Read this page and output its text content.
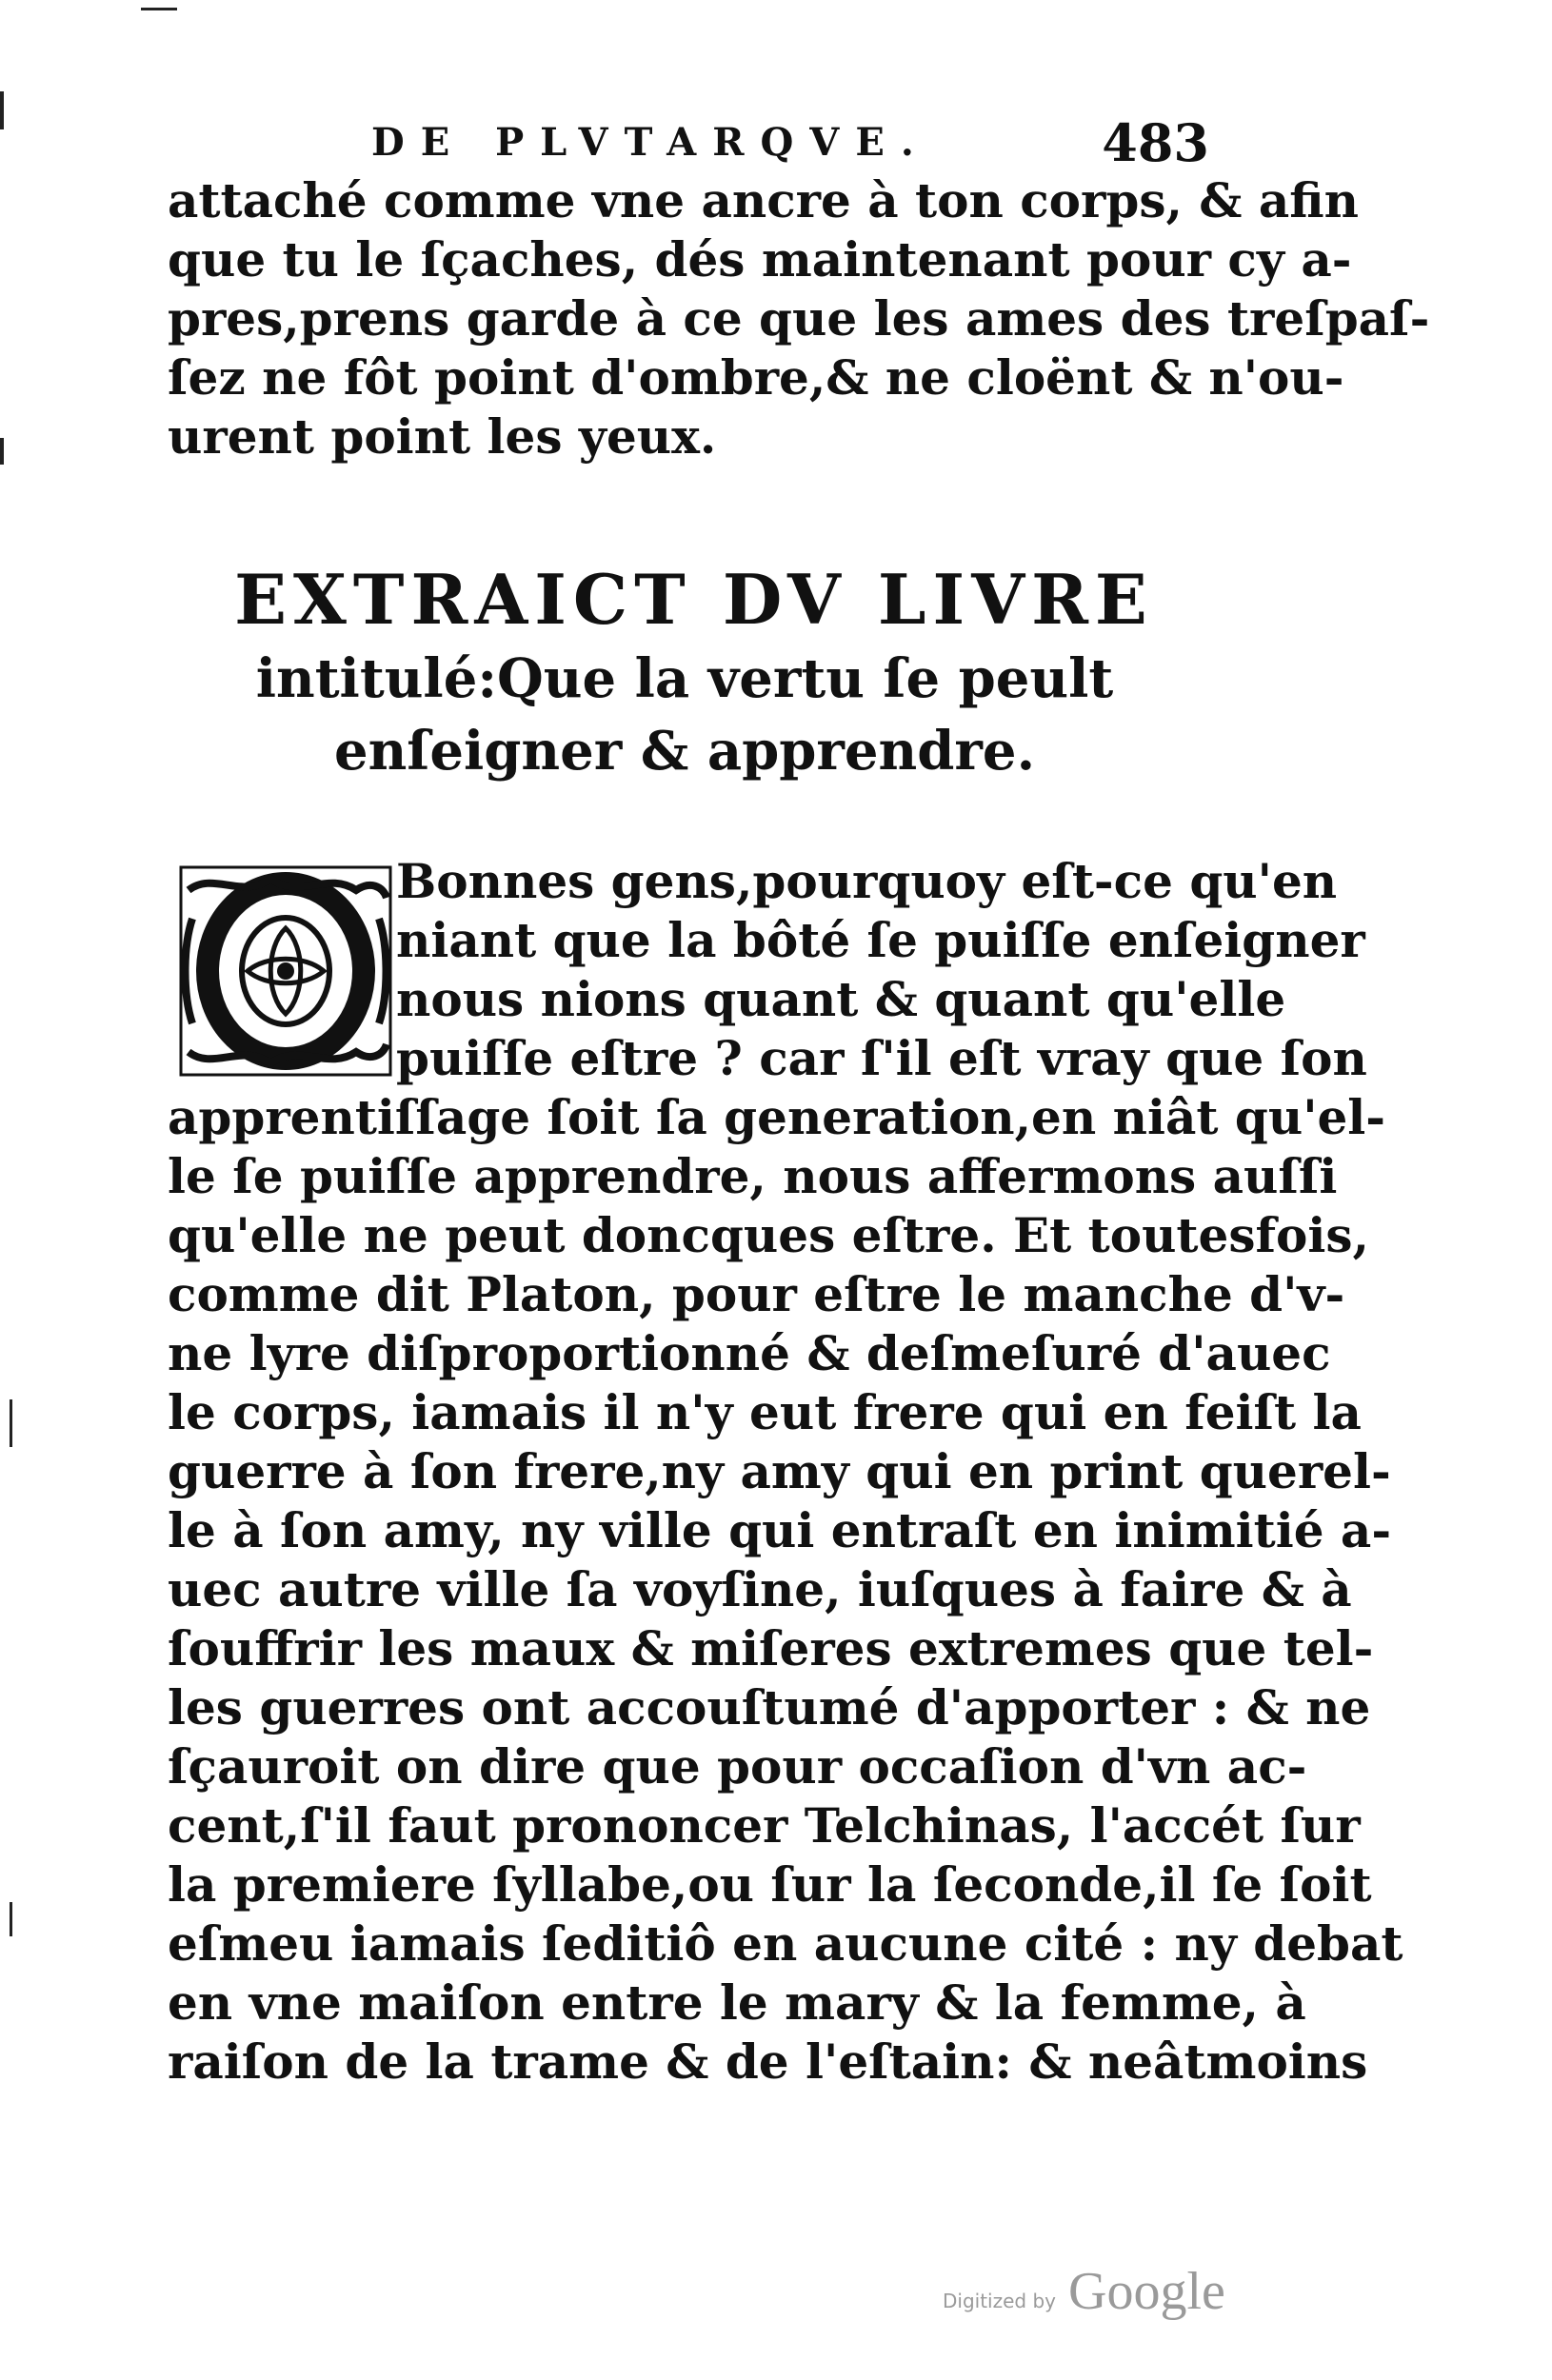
DE PLVTARQVE.	483
attaché comme vne ancre à ton corps, & afin
que tu le ſçaches, dés maintenant pour cy a-
pres,prens garde à ce que les ames des treſpaſ-
ſez ne fôt point d'ombre,& ne cloënt & n'ou-
urent point les yeux.
EXTRAICT DV LIVRE
intitulé:Que la vertu ſe peult
enſeigner & apprendre.
Bonnes gens,pourquoy eſt-ce qu'en
niant que la bôté ſe puiſſe enſeigner
nous nions quant & quant qu'elle
puiſſe eſtre ? car ſ'il eſt vray que ſon
apprentiſſage ſoit ſa generation,en niât qu'el-
le ſe puiſſe apprendre, nous affermons auſſi
qu'elle ne peut doncques eſtre. Et toutesfois,
comme dit Platon, pour eſtre le manche d'v-
ne lyre diſproportionné & deſmeſuré d'auec
le corps, iamais il n'y eut frere qui en feiſt la
guerre à ſon frere,ny amy qui en print querel-
le à ſon amy, ny ville qui entraſt en inimitié a-
uec autre ville ſa voyſine, iuſques à faire & à
ſouffrir les maux & miſeres extremes que tel-
les guerres ont accouſtumé d'apporter : & ne
ſçauroit on dire que pour occaſion d'vn ac-
cent,ſ'il faut prononcer Telchinas, l'accét ſur
la premiere ſyllabe,ou ſur la ſeconde,il ſe ſoit
eſmeu iamais ſeditiô en aucune cité : ny debat
en vne maiſon entre le mary & la femme, à
raiſon de la trame & de l'eſtain: & neâtmoins
Digitized by Google
